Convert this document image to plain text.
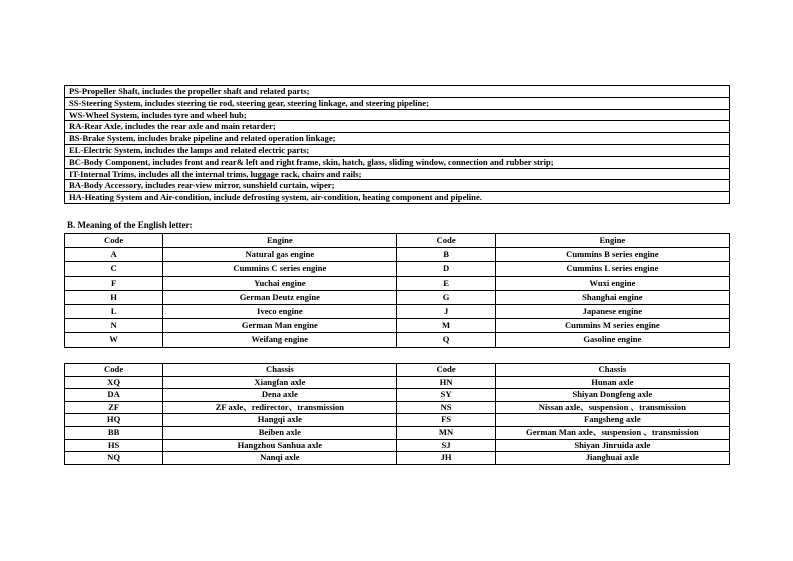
PS-Propeller Shaft, includes the propeller shaft and related parts;
SS-Steering System, includes steering tie rod, steering gear, steering linkage, and steering pipeline;
WS-Wheel System, includes tyre and wheel hub;
RA-Rear Axle, includes the rear axle and main retarder;
BS-Brake System, includes brake pipeline and related operation linkage;
EL-Electric System, includes the lamps and related electric parts;
BC-Body Component, includes front and rear& left and right frame, skin, hatch, glass, sliding window, connection and rubber strip;
IT-Internal Trims, includes all the internal trims, luggage rack, chairs and rails;
BA-Body Accessory, includes rear-view mirror, sunshield curtain, wiper;
HA-Heating System and Air-condition, include defrosting system, air-condition, heating component and pipeline.
B. Meaning of the English letter:
Code	Engine	Code	Engine
A	Natural gas engine	B	Cummins B series engine
C	Cummins C series engine	D	Cummins L series engine
F	Yuchai engine	E	Wuxi engine
H	German Deutz engine	G	Shanghai engine
L	Iveco engine	J	Japanese engine
N	German Man engine	M	Cummins M series engine
W	Weifang engine	Q	Gasoline engine
Code	Chassis	Code	Chassis
XQ	Xiangfan axle	HN	Hunan axle
DA	Dena axle	SY	Shiyan Dongfeng axle
ZF	ZF axle、redirector、transmission	NS	Nissan axle、suspension 、transmission
HQ	Hangqi axle	FS	Fangsheng axle
BB	Beiben axle	MN	German Man axle、suspension 、transmission
HS	Hangzhou Sanhua axle	SJ	Shiyan Jinruida axle
NQ	Nanqi axle	JH	Jianghuai axle
